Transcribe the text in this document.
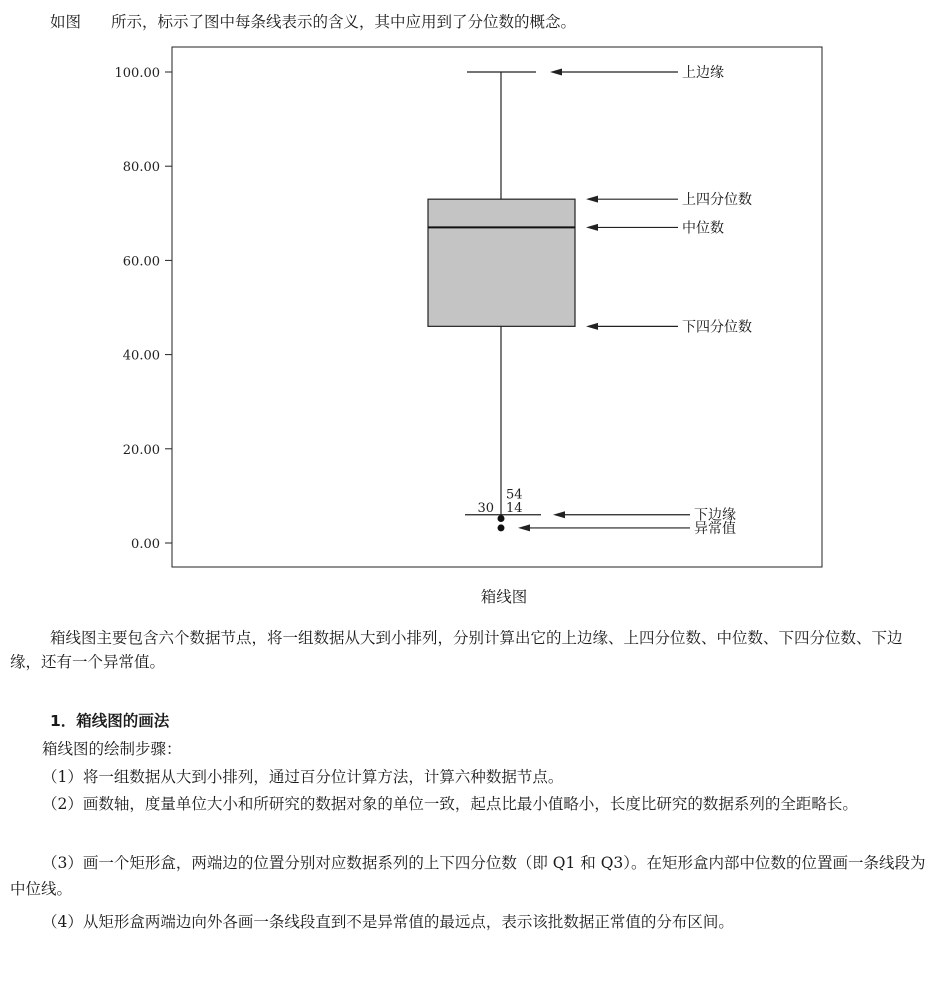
如图 所示，标示了图中每条线表示的含义，其中应用到了分位数的概念。
0.00
20.00
40.00
60.00
80.00
100.00
54
30 14
上边缘
上四分位数
中位数
下四分位数
下边缘
异常值
箱线图
箱线图主要包含六个数据节点，将一组数据从大到小排列，分别计算出它的上边缘、上四分位数、中位数、下四分位数、下边缘，还有一个异常值。
1．箱线图的画法
箱线图的绘制步骤：
（1）将一组数据从大到小排列，通过百分位计算方法，计算六种数据节点。
（2）画数轴，度量单位大小和所研究的数据对象的单位一致，起点比最小值略小，长度比研究的数据系列的全距略长。
（3）画一个矩形盒，两端边的位置分别对应数据系列的上下四分位数（即 Q1 和 Q3）。在矩形盒内部中位数的位置画一条线段为中位线。
（4）从矩形盒两端边向外各画一条线段直到不是异常值的最远点，表示该批数据正常值的分布区间。
